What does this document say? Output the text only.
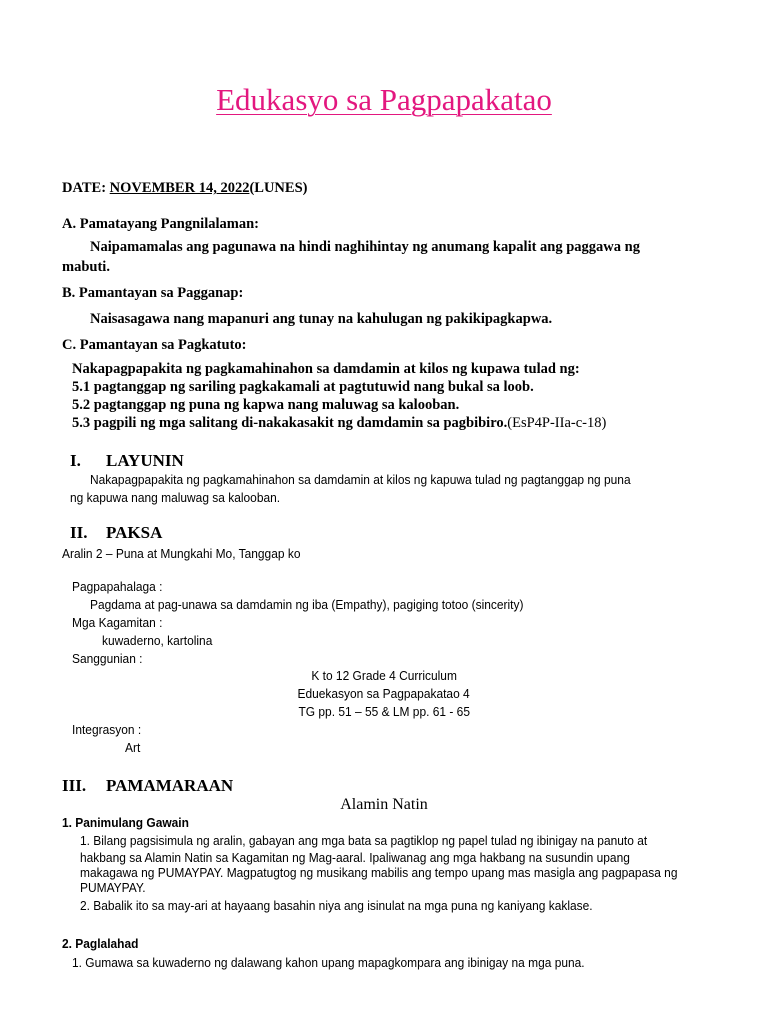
Edukasyo sa Pagpapakatao
DATE: NOVEMBER 14, 2022(LUNES)
A. Pamatayang Pangnilalaman:
Naipamamalas ang pagunawa na hindi naghihintay ng anumang kapalit ang paggawa ng
mabuti.
B. Pamantayan sa Pagganap:
Naisasagawa nang mapanuri ang tunay na kahulugan ng pakikipagkapwa.
C. Pamantayan sa Pagkatuto:
Nakapagpapakita ng pagkamahinahon sa damdamin at kilos ng kupawa tulad ng:
5.1 pagtanggap ng sariling pagkakamali at pagtutuwid nang bukal sa loob.
5.2 pagtanggap ng puna ng kapwa nang maluwag sa kalooban.
5.3 pagpili ng mga salitang di-nakakasakit ng damdamin sa pagbibiro.(EsP4P-IIa-c-18)
I. LAYUNIN
Nakapagpapakita ng pagkamahinahon sa damdamin at kilos ng kapuwa tulad ng pagtanggap ng puna
ng kapuwa nang maluwag sa kalooban.
II. PAKSA
Aralin 2 – Puna at Mungkahi Mo, Tanggap ko
Pagpapahalaga :
Pagdama at pag-unawa sa damdamin ng iba (Empathy), pagiging totoo (sincerity)
Mga Kagamitan :
kuwaderno, kartolina
Sanggunian :
K to 12 Grade 4 Curriculum
Eduekasyon sa Pagpapakatao 4
TG pp. 51 – 55 & LM pp. 61 - 65
Integrasyon :
Art
III. PAMAMARAAN
Alamin Natin
1. Panimulang Gawain
1. Bilang pagsisimula ng aralin, gabayan ang mga bata sa pagtiklop ng papel tulad ng ibinigay na panuto at
hakbang sa Alamin Natin sa Kagamitan ng Mag-aaral. Ipaliwanag ang mga hakbang na susundin upang
makagawa ng PUMAYPAY. Magpatugtog ng musikang mabilis ang tempo upang mas masigla ang pagpapasa ng
PUMAYPAY.
2. Babalik ito sa may-ari at hayaang basahin niya ang isinulat na mga puna ng kaniyang kaklase.
2. Paglalahad
1. Gumawa sa kuwaderno ng dalawang kahon upang mapagkompara ang ibinigay na mga puna.
